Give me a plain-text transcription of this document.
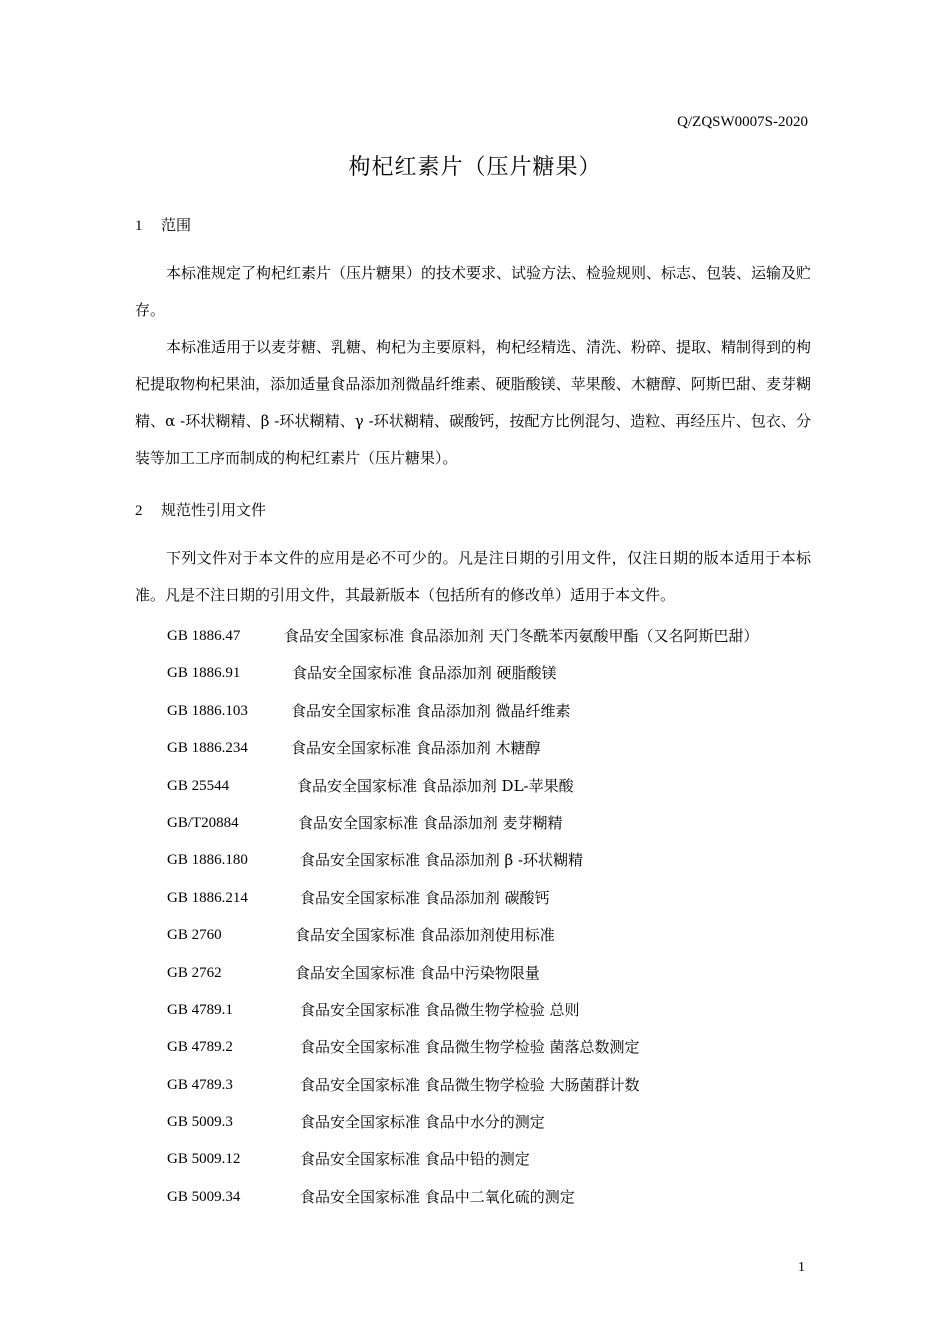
Q/ZQSW0007S-2020
枸杞红素片（压片糖果）
1 范围

本标准规定了枸杞红素片（压片糖果）的技术要求、试验方法、检验规则、标志、包装、运输及贮存。

本标准适用于以麦芽糖、乳糖、枸杞为主要原料，枸杞经精选、清洗、粉碎、提取、精制得到的枸杞提取物枸杞果油，添加适量食品添加剂微晶纤维素、硬脂酸镁、苹果酸、木糖醇、阿斯巴甜、麦芽糊精、α -环状糊精、β -环状糊精、γ -环状糊精、碳酸钙，按配方比例混匀、造粒、再经压片、包衣、分装等加工工序而制成的枸杞红素片（压片糖果）。

2 规范性引用文件

下列文件对于本文件的应用是必不可少的。凡是注日期的引用文件，仅注日期的版本适用于本标准。凡是不注日期的引用文件，其最新版本（包括所有的修改单）适用于本文件。

GB 1886.47	食品安全国家标准 食品添加剂 天门冬酰苯丙氨酸甲酯（又名阿斯巴甜）
GB 1886.91	食品安全国家标准 食品添加剂 硬脂酸镁
GB 1886.103	食品安全国家标准 食品添加剂 微晶纤维素
GB 1886.234	食品安全国家标准 食品添加剂 木糖醇
GB 25544	食品安全国家标准 食品添加剂 DL-苹果酸
GB/T20884	食品安全国家标准 食品添加剂 麦芽糊精
GB 1886.180	食品安全国家标准 食品添加剂 β -环状糊精
GB 1886.214	食品安全国家标准 食品添加剂 碳酸钙
GB 2760	食品安全国家标准 食品添加剂使用标准
GB 2762	食品安全国家标准 食品中污染物限量
GB 4789.1	食品安全国家标准 食品微生物学检验 总则
GB 4789.2	食品安全国家标准 食品微生物学检验 菌落总数测定
GB 4789.3	食品安全国家标准 食品微生物学检验 大肠菌群计数
GB 5009.3	食品安全国家标准 食品中水分的测定
GB 5009.12	食品安全国家标准 食品中铅的测定
GB 5009.34	食品安全国家标准 食品中二氧化硫的测定
1
